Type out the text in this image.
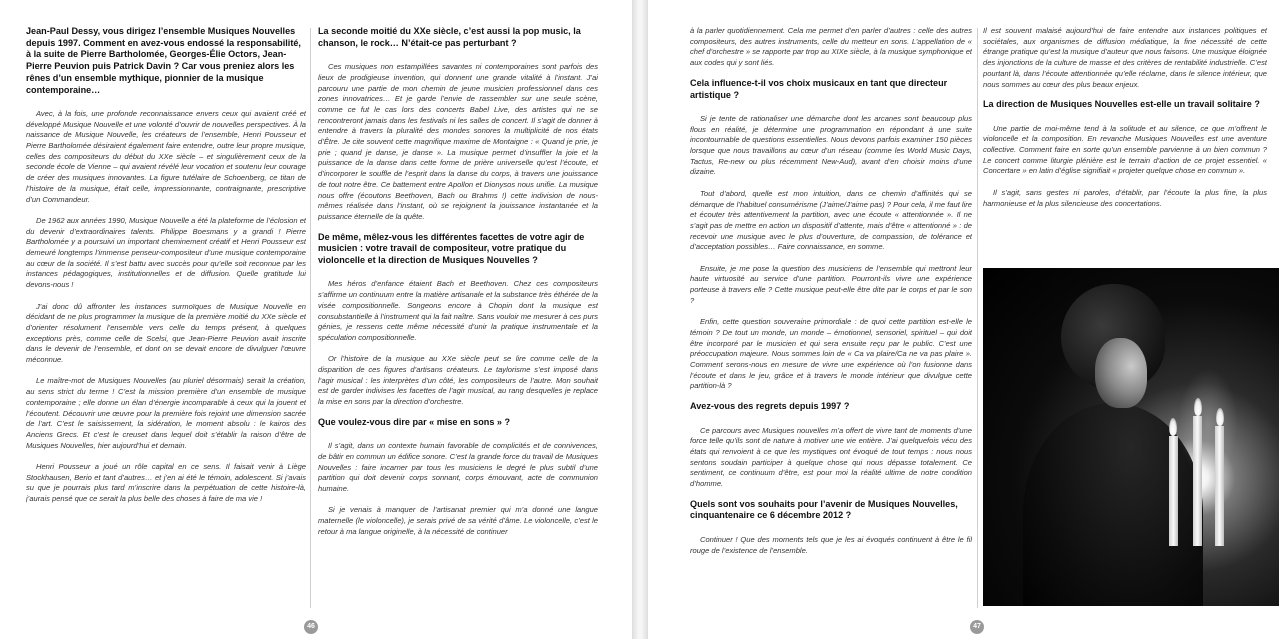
Jean-Paul Dessy, vous dirigez l’ensemble Musiques Nouvelles depuis 1997. Comment en avez-vous endossé la responsabilité, à la suite de Pierre Bartholomée, Georges-Élie Octors, Jean-Pierre Peuvion puis Patrick Davin ? Car vous preniez alors les rênes d’un ensemble mythique, pionnier de la musique contemporaine…
Avec, à la fois, une profonde reconnaissance envers ceux qui avaient créé et développé Musique Nouvelle et une volonté d’ouvrir de nouvelles perspectives. À la naissance de Musique Nouvelle, les créateurs de l’ensemble, Henri Pousseur et Pierre Bartholomée désiraient également faire entendre, outre leur propre musique, celles des compositeurs du début du XXe siècle – et singulièrement ceux de la seconde école de Vienne – qui avaient révélé leur vocation et soutenu leur courage de créer des musiques innovantes. La figure tutélaire de Schoenberg, ce titan de l’histoire de la musique, était celle, impressionnante, contraignante, prescriptive d’un Commandeur.
De 1962 aux années 1990, Musique Nouvelle a été la plateforme de l’éclosion et du devenir d’extraordinaires talents. Philippe Boesmans y a grandi ! Pierre Bartholomée y a poursuivi un important cheminement créatif et Henri Pousseur est demeuré longtemps l’immense penseur-compositeur d’une musique contemporaine au cœur de la société. Il s’est battu avec succès pour qu’elle soit reconnue par les instances pédagogiques, institutionnelles et de diffusion. Quelle gratitude lui devons-nous !
J’ai donc dû affronter les instances surmoïques de Musique Nouvelle en décidant de ne plus programmer la musique de la première moitié du XXe siècle et d’orienter résolument l’ensemble vers celle du temps présent, à quelques exceptions près, comme celle de Scelsi, que Jean-Pierre Peuvion avait inscrite dans le devenir de l’ensemble, et dont on se devait encore de divulguer l’œuvre méconnue.
Le maître-mot de Musiques Nouvelles (au pluriel désormais) serait la création, au sens strict du terme ! C’est la mission première d’un ensemble de musique contemporaine ; elle donne un élan d’énergie incomparable à ceux qui la jouent et l’écoutent. Découvrir une œuvre pour la première fois rejoint une dimension sacrée de l’art. C’est le saisissement, la sidération, le moment absolu : le kairos des Anciens Grecs. Et c’est le creuset dans lequel doit s’établir la raison d’être de Musiques Nouvelles, hier aujourd’hui et demain.
Henri Pousseur a joué un rôle capital en ce sens. Il faisait venir à Liège Stockhausen, Berio et tant d’autres… et j’en ai été le témoin, adolescent. Si j’avais su que je pourrais plus tard m’inscrire dans la perpétuation de cette histoire-là, j’aurais pensé que ce serait la plus belle des choses à faire de ma vie !
La seconde moitié du XXe siècle, c’est aussi la pop music, la chanson, le rock… N’était-ce pas perturbant ?
Ces musiques non estampillées savantes ni contemporaines sont parfois des lieux de prodigieuse invention, qui donnent une grande vitalité à l’instant. J’ai parcouru une partie de mon chemin de jeune musicien professionnel dans ces zones innovatrices… Et je garde l’envie de rassembler sur une seule scène, comme ce fut le cas lors des concerts Babel Live, des artistes qui ne se rencontreront jamais dans les festivals ni les salles de concert. Il s’agit de donner à entendre à travers la pluralité des mondes sonores la multiplicité de nos états d’Être. Je cite souvent cette magnifique maxime de Montaigne : « Quand je prie, je prie ; quand je danse, je danse ». La musique permet d’insuffler la joie et la puissance de la danse dans cette forme de prière universelle qu’est l’écoute, et d’incorporer le souffle de l’esprit dans la danse du corps, à travers une jouissance de tout notre être. Ce battement entre Apollon et Dionysos nous unifie. La musique nous offre (écoutons Beethoven, Bach ou Brahms !) cette indivision de nous-mêmes réalisée dans l’instant, où se rejoignent la jouissance instantanée et la puissance éternelle de la quête.
De même, mêlez-vous les différentes facettes de votre agir de musicien : votre travail de compositeur, votre pratique du violoncelle et la direction de Musiques Nouvelles ?
Mes héros d’enfance étaient Bach et Beethoven. Chez ces compositeurs s’affirme un continuum entre la matière artisanale et la substance très éthérée de la visée compositionnelle. Songeons encore à Chopin dont la musique est consubstantielle à l’instrument qui la fait naître. Sans vouloir me mesurer à ces purs génies, je ressens cette même nécessité d’unir la pratique instrumentale et la spéculation compositionnelle.
Or l’histoire de la musique au XXe siècle peut se lire comme celle de la disparition de ces figures d’artisans créateurs. Le taylorisme s’est imposé dans l’agir musical : les interprètes d’un côté, les compositeurs de l’autre. Mon souhait est de garder indivises les facettes de l’agir musical, au rang desquelles je replace la mise en sons par la direction d’orchestre.
Que voulez-vous dire par « mise en sons » ?
Il s’agit, dans un contexte humain favorable de complicités et de connivences, de bâtir en commun un édifice sonore. C’est la grande force du travail de Musiques Nouvelles : faire incarner par tous les musiciens le degré le plus subtil d’une partition qui doit devenir corps sonnant, corps émouvant, acte de communion humaine.
Si je venais à manquer de l’artisanat premier qui m’a donné une langue maternelle (le violoncelle), je serais privé de sa vérité d’âme. Le violoncelle, c’est le retour à ma langue originelle, à la nécessité de continuer
46
à la parler quotidiennement. Cela me permet d’en parler d’autres : celle des autres compositeurs, des autres instruments, celle du metteur en sons. L’appellation de « chef d’orchestre » se rapporte par trop au XIXe siècle, à la musique symphonique et aux codes qui y sont liés.
Cela influence-t-il vos choix musicaux en tant que directeur artistique ?
Si je tente de rationaliser une démarche dont les arcanes sont beaucoup plus flous en réalité, je détermine une programmation en répondant à une suite incontournable de questions essentielles. Nous devons parfois examiner 150 pièces lorsque que nous travaillons au cœur d’un réseau (comme les World Music Days, Tactus, Re-new ou plus récemment New-Aud), avant d’en choisir moins d’une dizaine.
Tout d’abord, quelle est mon intuition, dans ce chemin d’affinités qui se démarque de l’habituel consumérisme (J’aime/J’aime pas) ? Pour cela, il me faut lire et écouter très attentivement la partition, avec une écoute « attentionnée ». Il ne s’agit pas de mettre en action un dispositif d’attente, mais d’être « attentionné » : de recevoir une musique avec le plus d’ouverture, de compassion, de tolérance et d’acceptation possibles… Faire connaissance, en somme.
Ensuite, je me pose la question des musiciens de l’ensemble qui mettront leur haute virtuosité au service d’une partition. Pourront-ils vivre une expérience porteuse à travers elle ? Cette musique peut-elle être dite par le corps et par le son ?
Enfin, cette question souveraine primordiale : de quoi cette partition est-elle le témoin ? De tout un monde, un monde – émotionnel, sensoriel, spirituel – qui doit être incorporé par le musicien et qui sera ensuite reçu par le public. C’est une préoccupation majeure. Nous sommes loin de « Ca va plaire/Ca ne va pas plaire ». Comment serons-nous en mesure de vivre une expérience où l’on fusionne dans l’écoute et dans le jeu, grâce et à travers le monde intérieur que divulgue cette partition-là ?
Avez-vous des regrets depuis 1997 ?
Ce parcours avec Musiques nouvelles m’a offert de vivre tant de moments d’une force telle qu’ils sont de nature à motiver une vie entière. J’ai quelquefois vécu des états qui renvoient à ce que les mystiques ont évoqué de tout temps : nous nous sentons soudain participer à quelque chose qui nous dépasse totalement. Ce sentiment, ce continuum d’être, est pour moi la réalité ultime de notre condition d’homme.
Quels sont vos souhaits pour l’avenir de Musiques Nouvelles, cinquantenaire ce 6 décembre 2012 ?
Continuer ! Que des moments tels que je les ai évoqués continuent à être le fil rouge de l’existence de l’ensemble.
Il est souvent malaisé aujourd’hui de faire entendre aux instances politiques et sociétales, aux organismes de diffusion médiatique, la fine nécessité de cette étrange pratique qu’est la musique d’auteur que nous faisons. Une musique éloignée des injonctions de la culture de masse et des critères de rentabilité industrielle. C’est pourtant là, dans l’écoute attentionnée qu’elle réclame, dans le silence intérieur, que nous sommes au cœur des plus beaux enjeux.
La direction de Musiques Nouvelles est-elle un travail solitaire ?
Une partie de moi-même tend à la solitude et au silence, ce que m’offrent le violoncelle et la composition. En revanche Musiques Nouvelles est une aventure collective. Comment faire en sorte qu’un ensemble parvienne à un bien commun ? Le concert comme liturgie plénière est le terrain d’action de ce projet essentiel. « Concertare » en latin d’église signifiait « projeter quelque chose en commun ».
Il s’agit, sans gestes ni paroles, d’établir, par l’écoute la plus fine, la plus harmonieuse et la plus silencieuse des concertations.
47
